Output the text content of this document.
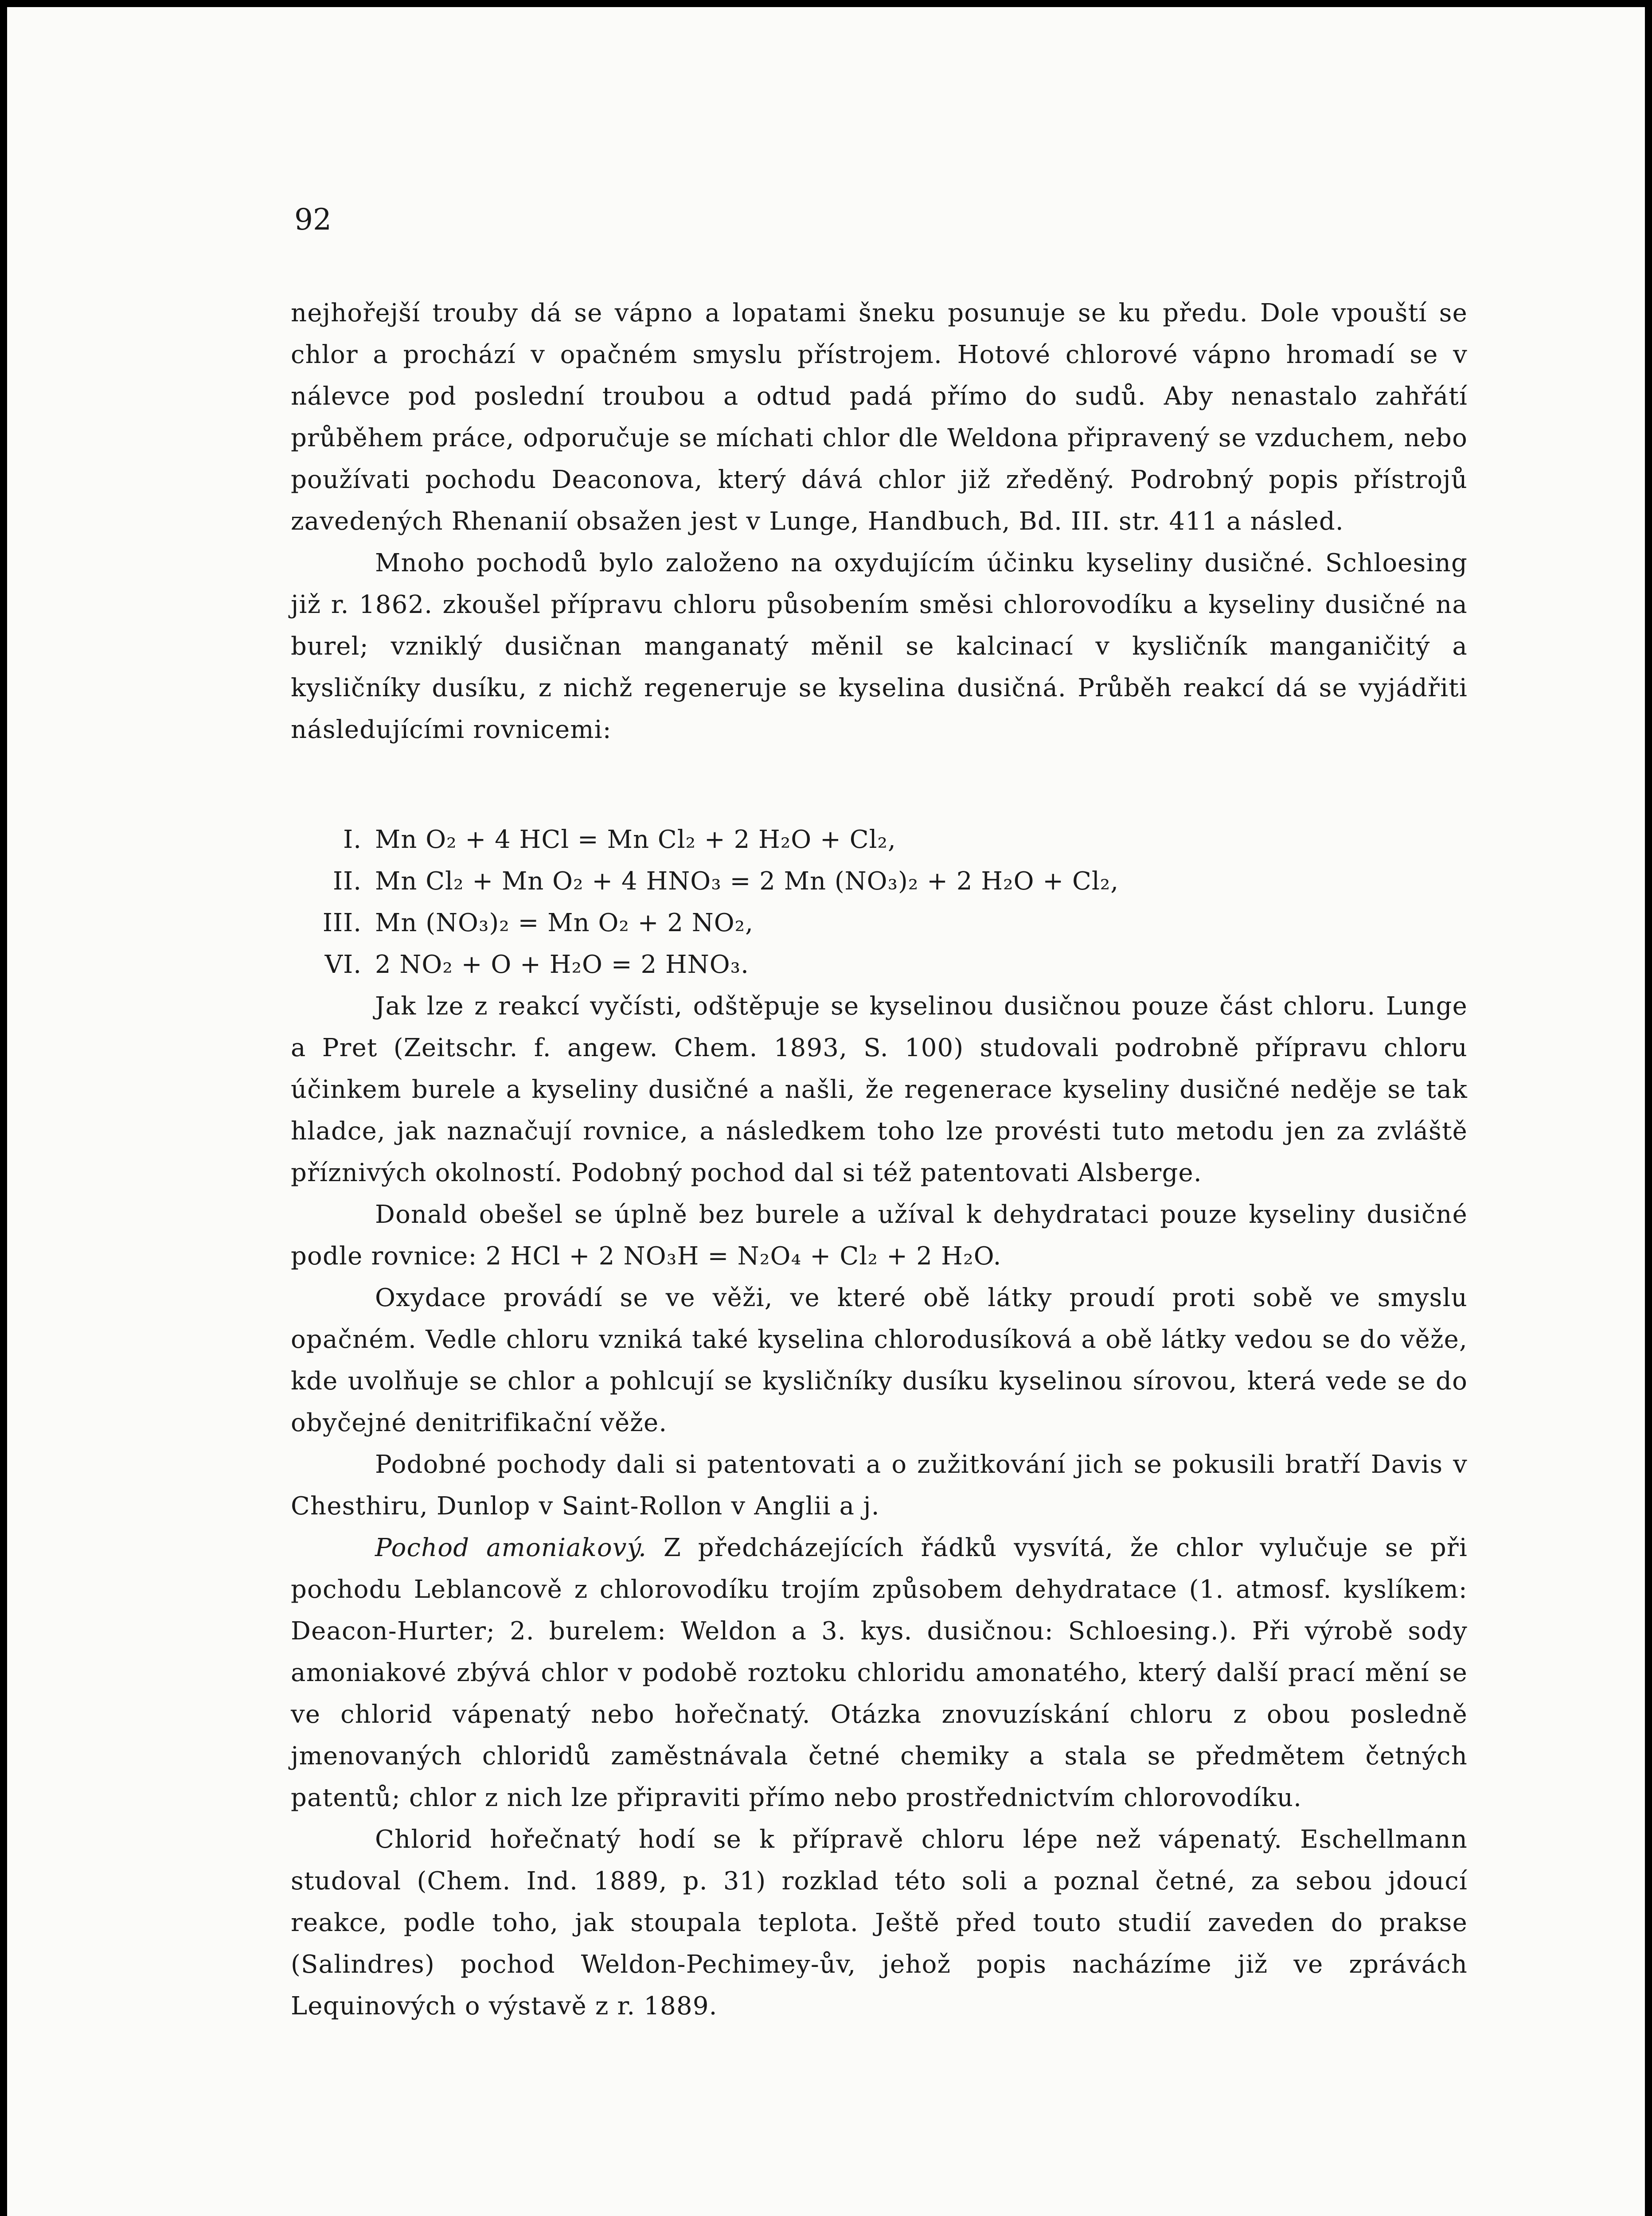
92

nejhořejší trouby dá se vápno a lopatami šneku posunuje se ku předu. Dole vpouští se chlor a prochází v opačném smyslu přístrojem. Hotové chlorové vápno hromadí se v nálevce pod poslední troubou a odtud padá přímo do sudů. Aby nenastalo zahřátí průběhem práce, odporučuje se míchati chlor dle Weldona připravený se vzduchem, nebo používati pochodu Deaconova, který dává chlor již zředěný. Podrobný popis přístrojů zavedených Rhenanií obsažen jest v Lunge, Handbuch, Bd. III. str. 411 a násled.

Mnoho pochodů bylo založeno na oxydujícím účinku kyseliny dusičné. Schloesing již r. 1862. zkoušel přípravu chloru působením směsi chlorovodíku a kyseliny dusičné na burel; vzniklý dusičnan manganatý měnil se kalcinací v kysličník manganičitý a kysličníky dusíku, z nichž regeneruje se kyselina dusičná. Průběh reakcí dá se vyjádřiti následujícími rovnicemi:

I. Mn O₂ + 4 HCl = Mn Cl₂ + 2 H₂O + Cl₂,
II. Mn Cl₂ + Mn O₂ + 4 HNO₃ = 2 Mn (NO₃)₂ + 2 H₂O + Cl₂,
III. Mn (NO₃)₂ = Mn O₂ + 2 NO₂,
VI. 2 NO₂ + O + H₂O = 2 HNO₃.

Jak lze z reakcí vyčísti, odštěpuje se kyselinou dusičnou pouze část chloru. Lunge a Pret (Zeitschr. f. angew. Chem. 1893, S. 100) studovali podrobně přípravu chloru účinkem burele a kyseliny dusičné a našli, že regenerace kyseliny dusičné neděje se tak hladce, jak naznačují rovnice, a následkem toho lze provésti tuto metodu jen za zvláště příznivých okolností. Podobný pochod dal si též patentovati Alsberge.

Donald obešel se úplně bez burele a užíval k dehydrataci pouze kyseliny dusičné podle rovnice: 2 HCl + 2 NO₃H = N₂O₄ + Cl₂ + 2 H₂O.

Oxydace provádí se ve věži, ve které obě látky proudí proti sobě ve smyslu opačném. Vedle chloru vzniká také kyselina chlorodusíková a obě látky vedou se do věže, kde uvolňuje se chlor a pohlcují se kysličníky dusíku kyselinou sírovou, která vede se do obyčejné denitrifikační věže.

Podobné pochody dali si patentovati a o zužitkování jich se pokusili bratří Davis v Chesthiru, Dunlop v Saint-Rollon v Anglii a j.

Pochod amoniakový. Z předcházejících řádků vysvítá, že chlor vylučuje se při pochodu Leblancově z chlorovodíku trojím způsobem dehydratace (1. atmosf. kyslíkem: Deacon-Hurter; 2. burelem: Weldon a 3. kys. dusičnou: Schloesing.). Při výrobě sody amoniakové zbývá chlor v podobě roztoku chloridu amonatého, který další prací mění se ve chlorid vápenatý nebo hořečnatý. Otázka znovuzískání chloru z obou posledně jmenovaných chloridů zaměstnávala četné chemiky a stala se předmětem četných patentů; chlor z nich lze připraviti přímo nebo prostřednictvím chlorovodíku.

Chlorid hořečnatý hodí se k přípravě chloru lépe než vápenatý. Eschellmann studoval (Chem. Ind. 1889, p. 31) rozklad této soli a poznal četné, za sebou jdoucí reakce, podle toho, jak stoupala teplota. Ještě před touto studií zaveden do prakse (Salindres) pochod Weldon-Pechimey-ův, jehož popis nacházíme již ve zprávách Lequinových o výstavě z r. 1889.
